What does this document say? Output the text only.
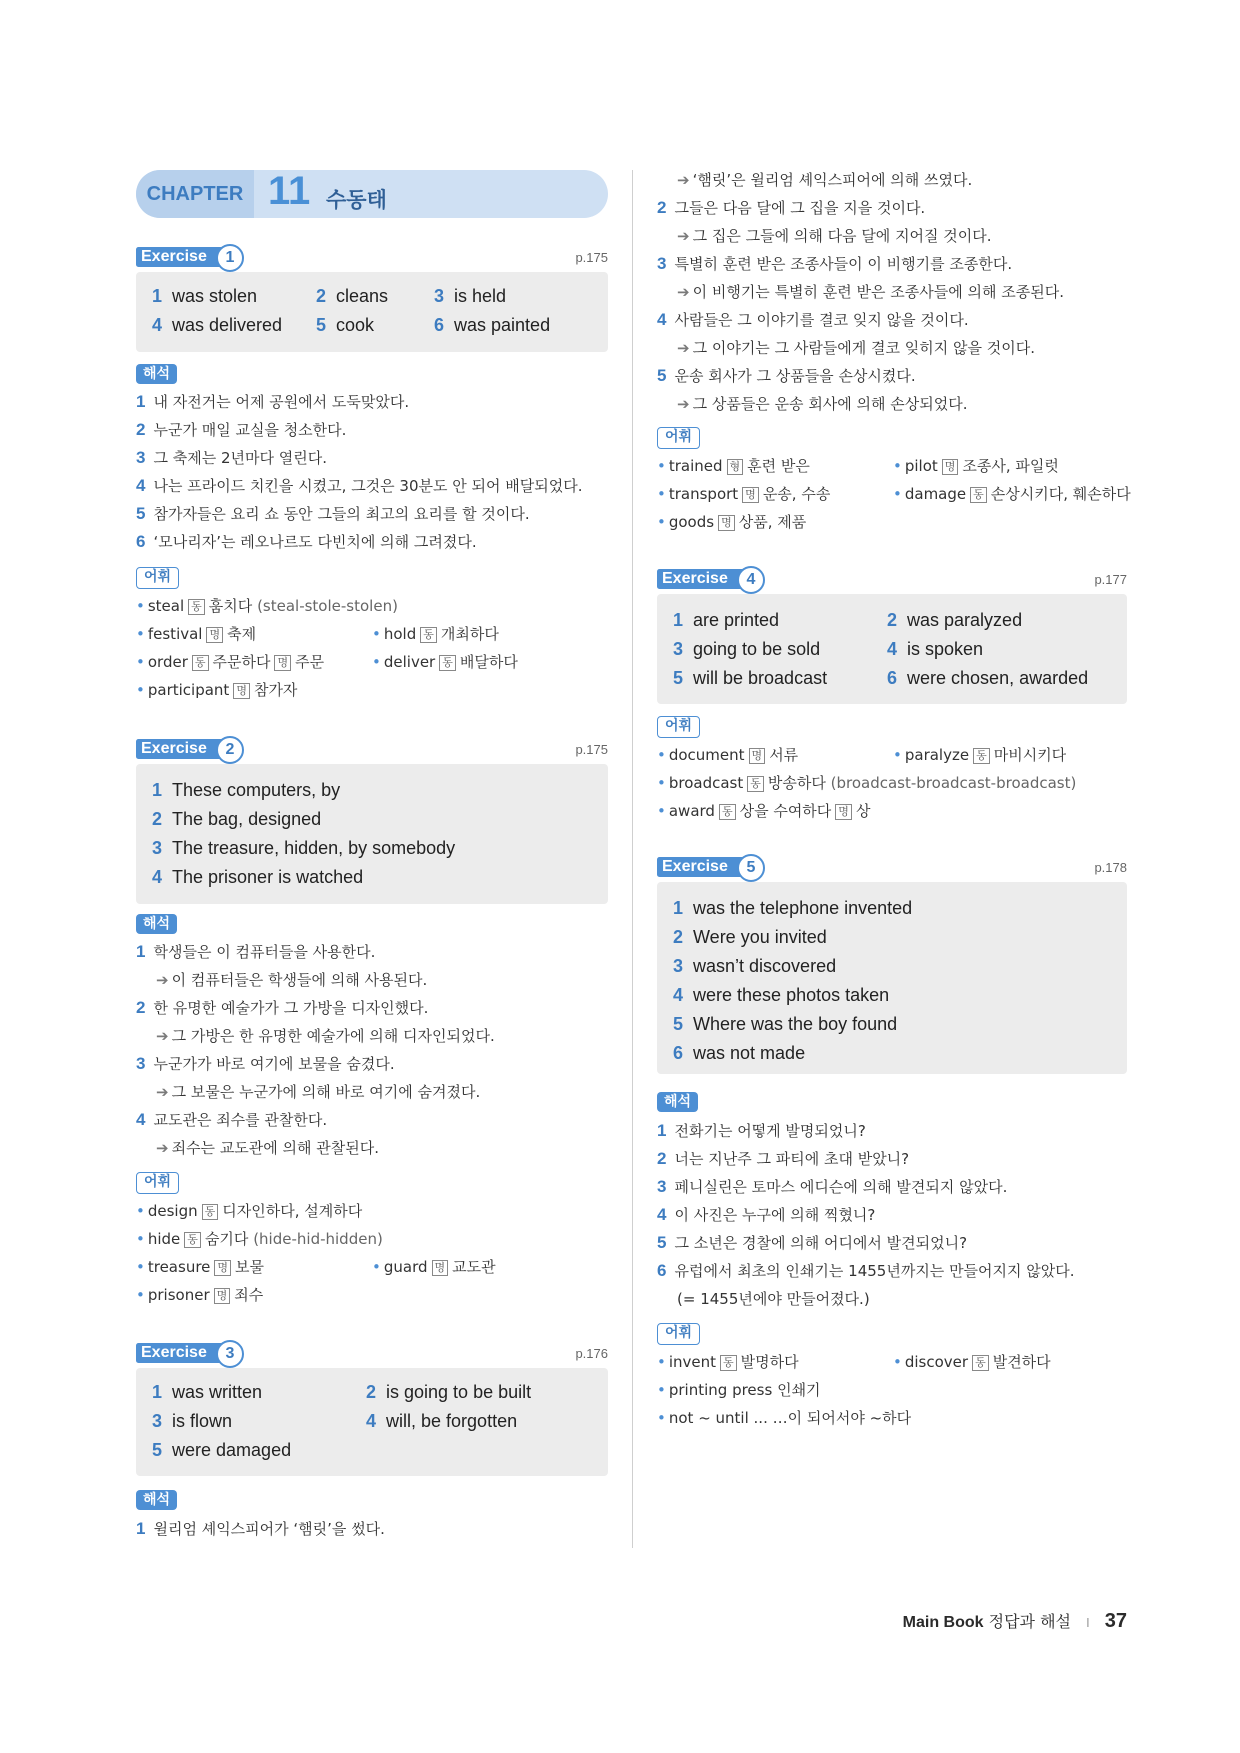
CHAPTER 11 수동태
Exercise	1	p.175
1 was stolen	2 cleans	3 is held
4 was delivered 5 cook	6 was painted
해석
1 내 자전거는 어제 공원에서 도둑맞았다.
2 누군가 매일 교실을 청소한다.
3 그 축제는 2년마다 열린다.
4 나는 프라이드 치킨을 시켰고, 그것은 30분도 안 되어 배달되었다.
5 참가자들은 요리 쇼 동안 그들의 최고의 요리를 할 것이다.
6 ‘모나리자’는 레오나르도 다빈치에 의해 그려졌다.
어휘
• steal 동 훔치다 (steal-stole-stolen)
• festival 명 축제	• hold 동 개최하다
• order 동 주문하다 명 주문	• deliver 동 배달하다
• participant 명 참가자
Exercise	2	p.175
1 These computers, by
2 The bag, designed
3 The treasure, hidden, by somebody
4 The prisoner is watched
해석
1 학생들은 이 컴퓨터들을 사용한다.
➔ 이 컴퓨터들은 학생들에 의해 사용된다.
2 한 유명한 예술가가 그 가방을 디자인했다.
➔ 그 가방은 한 유명한 예술가에 의해 디자인되었다.
3 누군가가 바로 여기에 보물을 숨겼다.
➔ 그 보물은 누군가에 의해 바로 여기에 숨겨졌다.
4 교도관은 죄수를 관찰한다.
➔ 죄수는 교도관에 의해 관찰된다.
어휘
• design 동 디자인하다, 설계하다
• hide 동 숨기다 (hide-hid-hidden)
• treasure 명 보물	• guard 명 교도관
• prisoner 명 죄수
Exercise	3	p.176
1 was written	2 is going to be built
3 is flown	4 will, be forgotten
5 were damaged
해석
1 윌리엄 셰익스피어가 ‘햄릿’을 썼다.
➔ ‘햄릿’은 윌리엄 셰익스피어에 의해 쓰였다.
2 그들은 다음 달에 그 집을 지을 것이다.
➔ 그 집은 그들에 의해 다음 달에 지어질 것이다.
3 특별히 훈련 받은 조종사들이 이 비행기를 조종한다.
➔ 이 비행기는 특별히 훈련 받은 조종사들에 의해 조종된다.
4 사람들은 그 이야기를 결코 잊지 않을 것이다.
➔ 그 이야기는 그 사람들에게 결코 잊히지 않을 것이다.
5 운송 회사가 그 상품들을 손상시켰다.
➔ 그 상품들은 운송 회사에 의해 손상되었다.
어휘
• trained 형 훈련 받은	• pilot 명 조종사, 파일럿
• transport 명 운송, 수송	• damage 동 손상시키다, 훼손하다
• goods 명 상품, 제품
Exercise	4	p.177
1 are printed	2 was paralyzed
3 going to be sold	4 is spoken
5 will be broadcast	6 were chosen, awarded
어휘
• document 명 서류	• paralyze 동 마비시키다
• broadcast 동 방송하다 (broadcast-broadcast-broadcast)
• award 동 상을 수여하다 명 상
Exercise	5	p.178
1 was the telephone invented
2 Were you invited
3 wasn’t discovered
4 were these photos taken
5 Where was the boy found
6 was not made
해석
1 전화기는 어떻게 발명되었니?
2 너는 지난주 그 파티에 초대 받았니?
3 페니실린은 토마스 에디슨에 의해 발견되지 않았다.
4 이 사진은 누구에 의해 찍혔니?
5 그 소년은 경찰에 의해 어디에서 발견되었니?
6 유럽에서 최초의 인쇄기는 1455년까지는 만들어지지 않았다.
(= 1455년에야 만들어졌다.)
어휘
• invent 동 발명하다	• discover 동 발견하다
• printing press 인쇄기
• not ~ until ... …이 되어서야 ~하다
Main Book 정답과 해설 I 37
